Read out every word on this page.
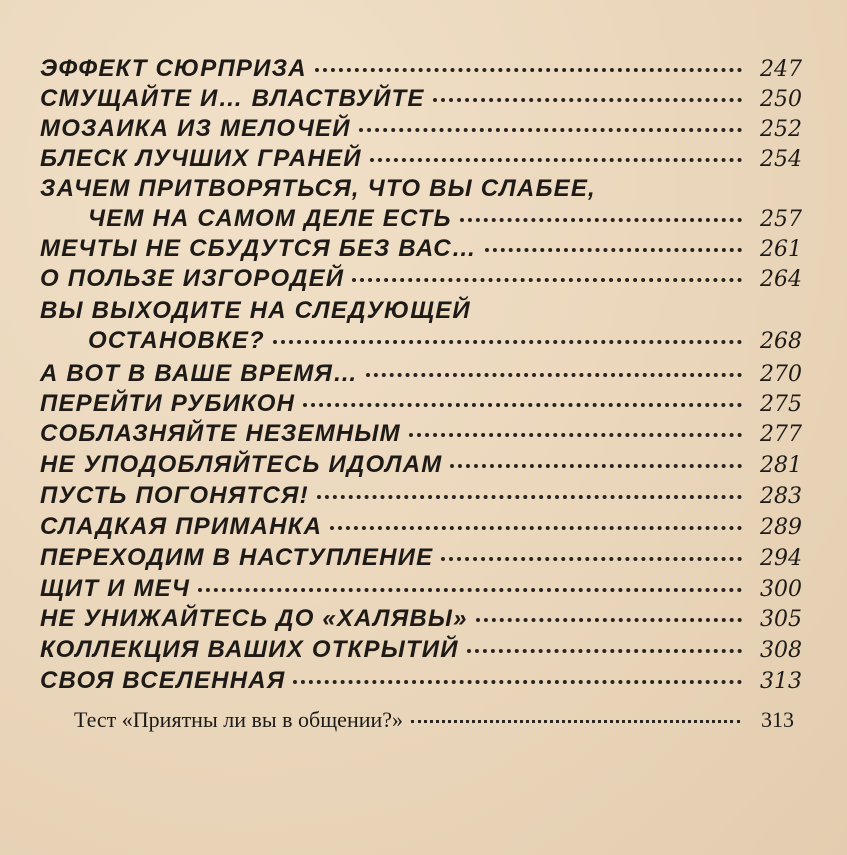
ЭФФЕКТ СЮРПРИЗА	247
СМУЩАЙТЕ И… ВЛАСТВУЙТЕ	250
МОЗАИКА ИЗ МЕЛОЧЕЙ	252
БЛЕСК ЛУЧШИХ ГРАНЕЙ	254
ЗАЧЕМ ПРИТВОРЯТЬСЯ, ЧТО ВЫ СЛАБЕЕ,
ЧЕМ НА САМОМ ДЕЛЕ ЕСТЬ	257
МЕЧТЫ НЕ СБУДУТСЯ БЕЗ ВАС…	261
О ПОЛЬЗЕ ИЗГОРОДЕЙ	264
ВЫ ВЫХОДИТЕ НА СЛЕДУЮЩЕЙ
ОСТАНОВКЕ?	268
А ВОТ В ВАШЕ ВРЕМЯ…	270
ПЕРЕЙТИ РУБИКОН	275
СОБЛАЗНЯЙТЕ НЕЗЕМНЫМ	277
НЕ УПОДОБЛЯЙТЕСЬ ИДОЛАМ	281
ПУСТЬ ПОГОНЯТСЯ!	283
СЛАДКАЯ ПРИМАНКА	289
ПЕРЕХОДИМ В НАСТУПЛЕНИЕ	294
ЩИТ И МЕЧ	300
НЕ УНИЖАЙТЕСЬ ДО «ХАЛЯВЫ»	305
КОЛЛЕКЦИЯ ВАШИХ ОТКРЫТИЙ	308
СВОЯ ВСЕЛЕННАЯ	313
Тест «Приятны ли вы в общении?»	313
